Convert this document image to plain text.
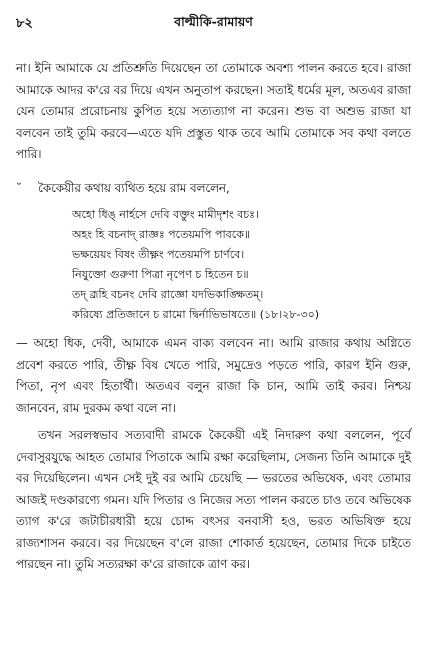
৮২	বাল্মীকি-রামায়ণ

না। ইনি আমাকে যে প্রতিশ্রুতি দিয়েছেন তা তোমাকে অবশ্য পালন করতে হবে। রাজা আমাকে আদর ক'রে বর দিয়ে এখন অনুতাপ করছেন। সতাই ধর্মের মূল, অতএব রাজা যেন তোমার প্ররোচনায় কুপিত হয়ে সত্যত্যাগ না করেন। শুভ বা অশুভ রাজা যা বলবেন তাই তুমি করবে—এতে যদি প্রস্তুত থাক তবে আমি তোমাকে সব কথা বলতে পারি।

˘	কৈকেয়ীর কথায় ব্যথিত হয়ে রাম বললেন,
অহো ধিঙ্‌ নার্হসে দেবি বক্তুং মামীদৃশং বচঃ।
অহং হি বচনাদ্‌ রাজ্ঞঃ পতেয়মপি পাবকে॥
ভক্ষয়েয়ং বিষং তীক্ষ্ণং পতেয়মপি চার্ণবে।
নিযুক্তো গুরুণা পিত্রা নৃপেণ চ হিতেন চ॥
তদ্‌ ব্রূহি বচনং দেবি রাজ্ঞো যদভিকাঙ্ক্ষিতম্‌।
করিষ্যে প্রতিজানে চ রামো দ্বির্নাভিভাষতে॥ (১৮।২৮-৩০)

— অহো ধিক, দেবী, আমাকে এমন বাক্য বলবেন না। আমি রাজার কথায় অগ্নিতে প্রবেশ করতে পারি, তীক্ষ্ণ বিষ খেতে পারি, সমুদ্রেও পড়তে পারি, কারণ ইনি গুরু, পিতা, নৃপ এবং হিতার্থী। অতএব বলুন রাজা কি চান, আমি তাই করব। নিশ্চয় জানবেন, রাম দুরকম কথা বলে না।

তখন সরলস্বভাব সত্যবাদী রামকে কৈকেয়ী এই নিদারুণ কথা বললেন, পূর্বে দেবাসুরযুদ্ধে আহত তোমার পিতাকে আমি রক্ষা করেছিলাম, সেজন্য তিনি আমাকে দুই বর দিয়েছিলেন। এখন সেই দুই বর আমি চেয়েছি — ভরতের অভিষেক, এবং তোমার আজই দণ্ডকারণ্যে গমন। যদি পিতার ও নিজের সত্য পালন করতে চাও তবে অভিষেক ত্যাগ ক'রে জটাচীরধারী হয়ে চোদ্দ বৎসর বনবাসী হও, ভরত অভিষিক্ত হয়ে রাজ্যশাসন করবে। বর দিয়েছেন ব'লে রাজা শোকার্ত হয়েছেন, তোমার দিকে চাইতে পারছেন না। তুমি সত্যরক্ষা ক'রে রাজাকে ত্রাণ কর।
